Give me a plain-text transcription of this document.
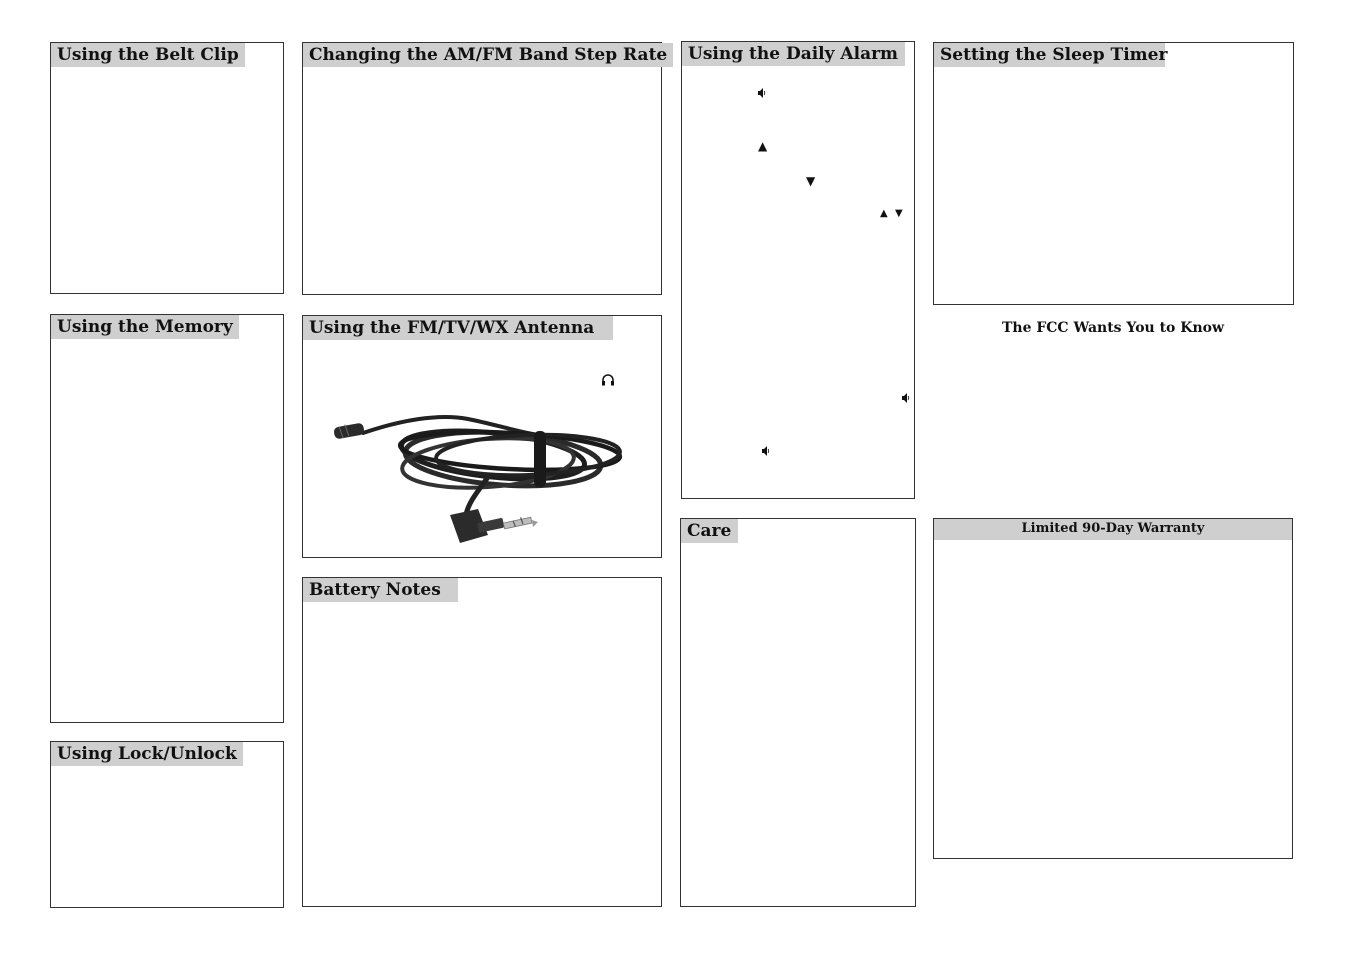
Using the Belt Clip
Using the Memory
Using Lock/Unlock
Changing the AM/FM Band Step Rate
Using the FM/TV/WX Antenna
Battery Notes
Using the Daily Alarm
▲
▼
▲ ▼
Care
Setting the Sleep Timer
The FCC Wants You to Know
Limited 90-Day Warranty
